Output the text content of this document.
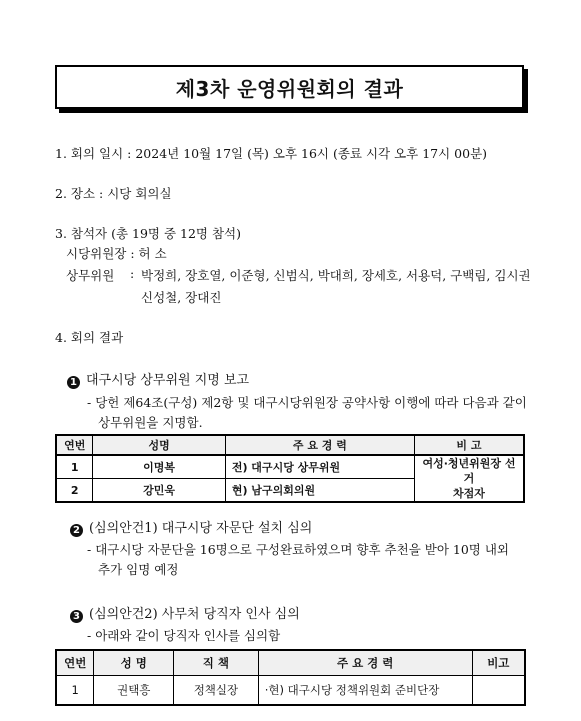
제3차 운영위원회의 결과
1. 회의 일시 : 2024년 10월 17일 (목) 오후 16시 (종료 시각 오후 17시 00분)
2. 장소 : 시당 회의실
3. 참석자 (총 19명 중 12명 참석)
시당위원장 : 허 소
상무위원 : 박정희, 장호열, 이준형, 신범식, 박대희, 장세호, 서용덕, 구백림, 김시권
신성철, 장대진
4. 회의 결과
1 대구시당 상무위원 지명 보고
- 당헌 제64조(구성) 제2항 및 대구시당위원장 공약사항 이행에 따라 다음과 같이
상무위원을 지명함.
연번	성명	주 요 경 력	비 고
1	이명복	전) 대구시당 상무위원	여성·청년위원장 선거
차점자

2	강민욱	현) 남구의회의원	
2 (심의안건1) 대구시당 자문단 설치 심의
- 대구시당 자문단을 16명으로 구성완료하였으며 향후 추천을 받아 10명 내외
추가 임명 예정
3 (심의안건2) 사무처 당직자 인사 심의
- 아래와 같이 당직자 인사를 심의함
연번	성 명	직 책	주 요 경 력	비고
1	권택흥	정책실장	·현) 대구시당 정책위원회 준비단장	
